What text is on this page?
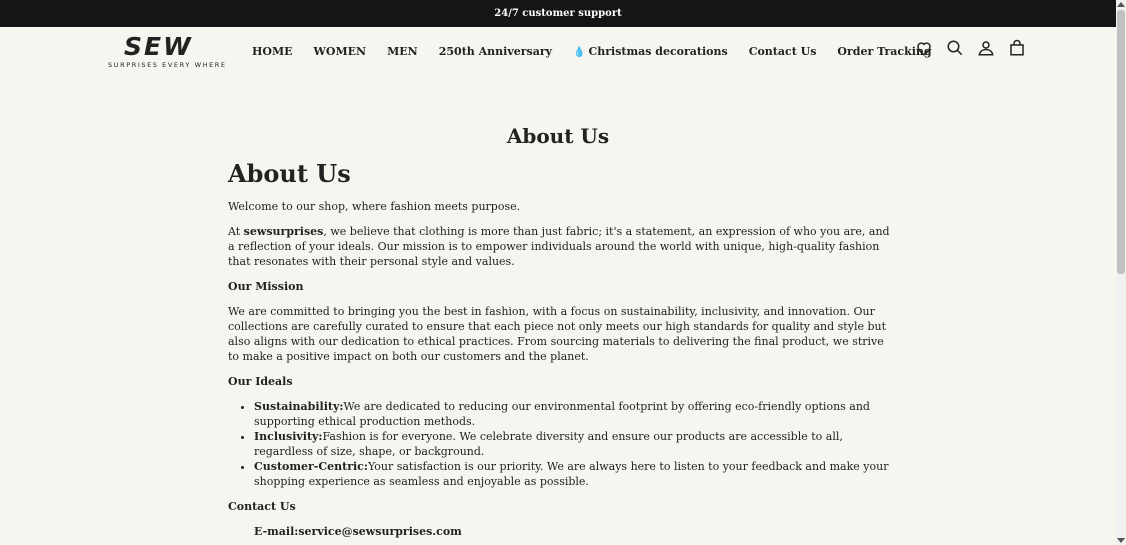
24/7 customer support
SEW
SURPRISES EVERY WHERE
HOME WOMEN MEN 250th Anniversary 💧 Christmas decorations Contact Us Order Tracking
About Us
About Us

Welcome to our shop, where fashion meets purpose.

At sewsurprises, we believe that clothing is more than just fabric; it's a statement, an expression of who you are, and a reflection of your ideals. Our mission is to empower individuals around the world with unique, high-quality fashion that resonates with their personal style and values.

Our Mission

We are committed to bringing you the best in fashion, with a focus on sustainability, inclusivity, and innovation. Our collections are carefully curated to ensure that each piece not only meets our high standards for quality and style but also aligns with our dedication to ethical practices. From sourcing materials to delivering the final product, we strive to make a positive impact on both our customers and the planet.

Our Ideals
• Sustainability:We are dedicated to reducing our environmental footprint by offering eco-friendly options and supporting ethical production methods.
• Inclusivity:Fashion is for everyone. We celebrate diversity and ensure our products are accessible to all, regardless of size, shape, or background.
• Customer-Centric:Your satisfaction is our priority. We are always here to listen to your feedback and make your shopping experience as seamless and enjoyable as possible.
Contact Us
E-mail:service@sewsurprises.com
